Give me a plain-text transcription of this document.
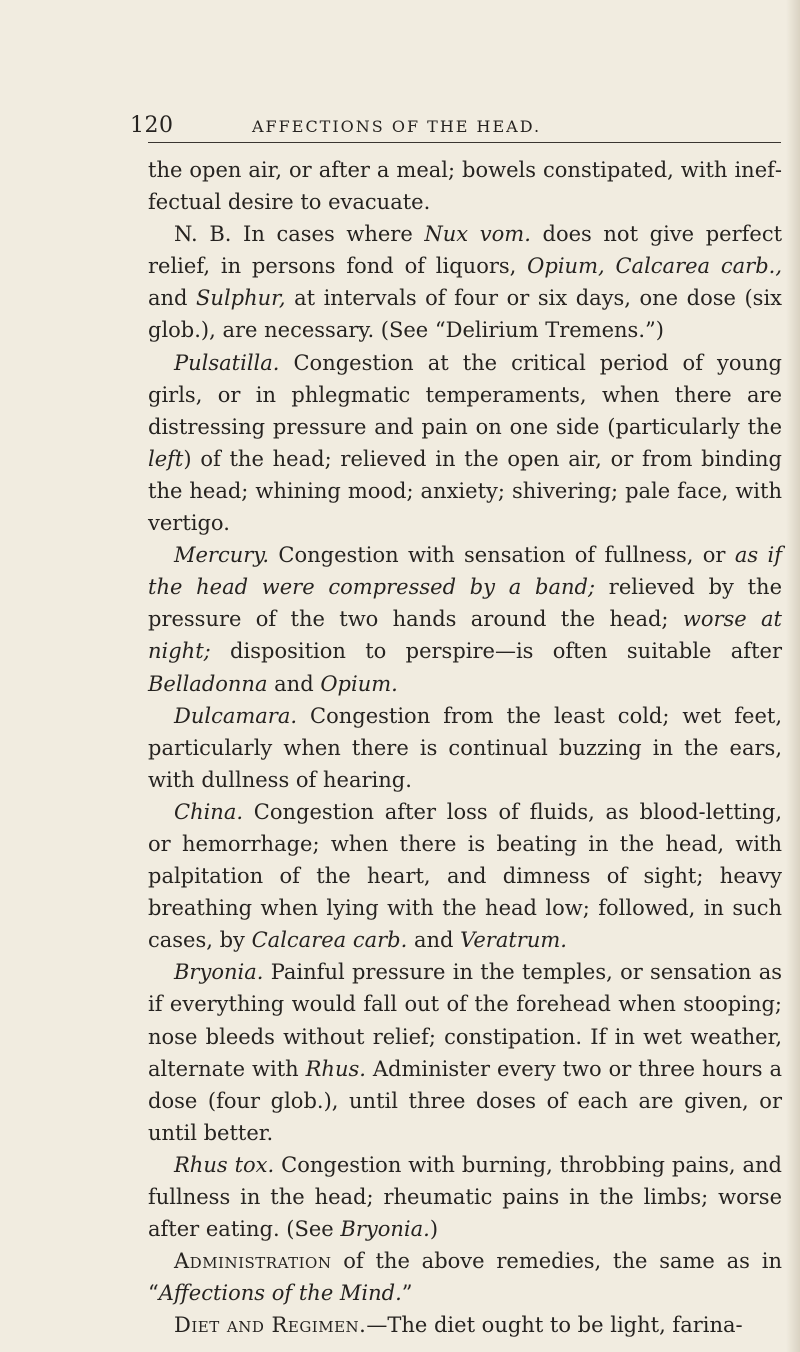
120	AFFECTIONS OF THE HEAD.

the open air, or after a meal; bowels constipated, with ineffectual desire to evacuate.

N. B. In cases where Nux vom. does not give perfect relief, in persons fond of liquors, Opium, Calcarea carb., and Sulphur, at intervals of four or six days, one dose (six glob.), are necessary. (See “Delirium Tremens.”)

Pulsatilla. Congestion at the critical period of young girls, or in phlegmatic temperaments, when there are distressing pressure and pain on one side (particularly the left) of the head; relieved in the open air, or from binding the head; whining mood; anxiety; shivering; pale face, with vertigo.

Mercury. Congestion with sensation of fullness, or as if the head were compressed by a band; relieved by the pressure of the two hands around the head; worse at night; disposition to perspire—is often suitable after Belladonna and Opium.

Dulcamara. Congestion from the least cold; wet feet, particularly when there is continual buzzing in the ears, with dullness of hearing.

China. Congestion after loss of fluids, as blood-letting, or hemorrhage; when there is beating in the head, with palpitation of the heart, and dimness of sight; heavy breathing when lying with the head low; followed, in such cases, by Calcarea carb. and Veratrum.

Bryonia. Painful pressure in the temples, or sensation as if everything would fall out of the forehead when stooping; nose bleeds without relief; constipation. If in wet weather, alternate with Rhus. Administer every two or three hours a dose (four glob.), until three doses of each are given, or until better.

Rhus tox. Congestion with burning, throbbing pains, and fullness in the head; rheumatic pains in the limbs; worse after eating. (See Bryonia.)

Administration of the above remedies, the same as in “Affections of the Mind.”

Diet and Regimen.—The diet ought to be light, farina-
